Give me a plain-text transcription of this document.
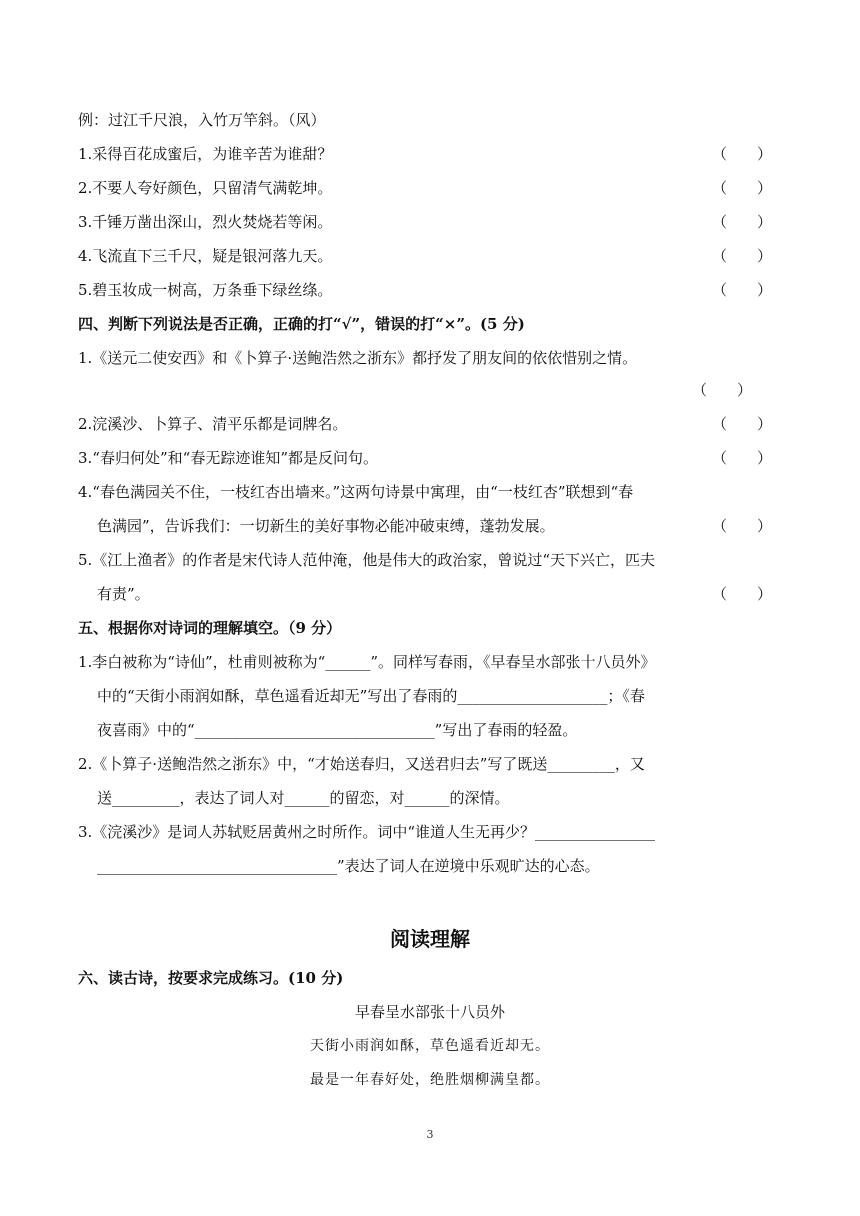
例：过江千尺浪，入竹万竿斜。（风）
1.采得百花成蜜后，为谁辛苦为谁甜？	（　　）
2.不要人夸好颜色，只留清气满乾坤。	（　　）
3.千锤万凿出深山，烈火焚烧若等闲。	（　　）
4.飞流直下三千尺，疑是银河落九天。	（　　）
5.碧玉妆成一树高，万条垂下绿丝绦。	（　　）
四、判断下列说法是否正确，正确的打“√”，错误的打“×”。(5 分)
1.《送元二使安西》和《卜算子·送鲍浩然之浙东》都抒发了朋友间的依依惜别之情。
（　　）
2.浣溪沙、卜算子、清平乐都是词牌名。	（　　）
3.“春归何处”和“春无踪迹谁知”都是反问句。	（　　）
4.“春色满园关不住，一枝红杏出墙来。”这两句诗景中寓理，由“一枝红杏”联想到“春
色满园”，告诉我们：一切新生的美好事物必能冲破束缚，蓬勃发展。	（　　）
5.《江上渔者》的作者是宋代诗人范仲淹，他是伟大的政治家，曾说过“天下兴亡，匹夫
有责”。	（　　）
五、根据你对诗词的理解填空。（9 分）
1.李白被称为“诗仙”，杜甫则被称为“______”。同样写春雨，《早春呈水部张十八员外》
中的“天街小雨润如酥，草色遥看近却无”写出了春雨的____________________；《春
夜喜雨》中的“________________________________”写出了春雨的轻盈。
2.《卜算子·送鲍浩然之浙东》中，“才始送春归，又送君归去”写了既送_________，又
送_________，表达了词人对______的留恋，对______的深情。
3.《浣溪沙》是词人苏轼贬居黄州之时所作。词中“谁道人生无再少？________________
________________________________”表达了词人在逆境中乐观旷达的心态。
阅读理解
六、读古诗，按要求完成练习。(10 分)
早春呈水部张十八员外
天街小雨润如酥，草色遥看近却无。
最是一年春好处，绝胜烟柳满皇都。
3
